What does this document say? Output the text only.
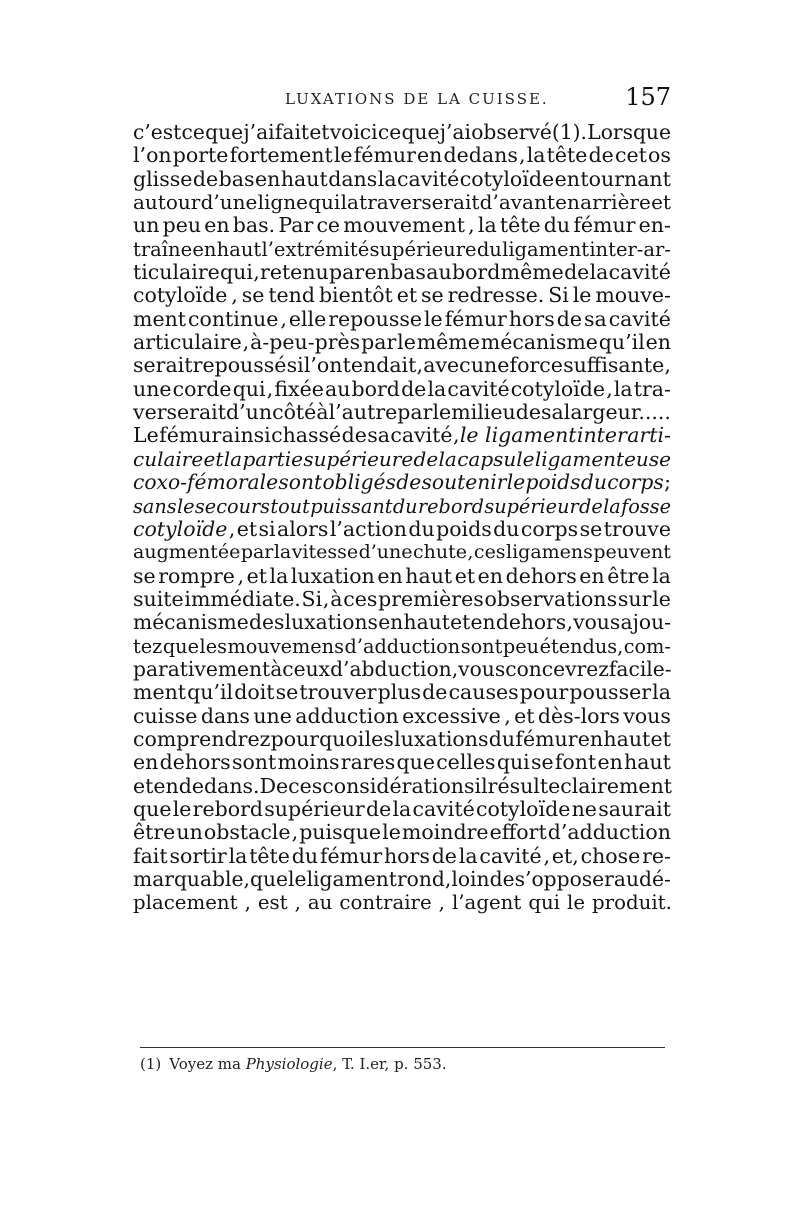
LUXATIONS DE LA CUISSE.	157
c’est ce que j’ai fait et voici ce que j’ai observé(1). Lorsque
l’on porte fortement le fémur en dedans , la tête de cet os
glisse de bas en haut dans la cavité cotyloïde en tournant
autour d’une ligne qui la traverserait d’avant en arrière et
un peu en bas. Par ce mouvement , la tête du fémur en-
traîne en haut l’extrémité supérieure du ligament inter-ar-
ticulaire qui , retenu par en bas au bord même de la cavité
cotyloïde , se tend bientôt et se redresse. Si le mouve-
ment continue , elle repousse le fémur hors de sa cavité
articulaire , à-peu-près par le même mécanisme qu’il en
serait repoussé si l’on tendait , avec une force suffisante ,
une corde qui , fixée au bord de la cavité cotyloïde , la tra-
verserait d’un côté à l’autre par le milieu de sa largeur.....
Le fémur ainsi chassé de sa cavité , le ligament inter arti-
culaire et la partie supérieure de la capsule ligamenteuse
coxo-fémorale sont obligés de soutenir le poids du corps ;
sans le secours tout puissant du rebord supérieur de la fosse
cotyloïde , et si alors l’action du poids du corps se trouve
augmentée par la vitesse d’une chute , ces ligamens peuvent
se rompre , et la luxation en haut et en dehors en être la
suite immédiate. Si , à ces premières observations sur le
mécanisme des luxations en haut et en dehors , vous ajou-
tez que les mouvemens d’adduction sont peu étendus, com-
parativement à ceux d’abduction , vous concevrez facile-
ment qu’il doit se trouver plus de causes pour pousser la
cuisse dans une adduction excessive , et dès-lors vous
comprendrez pourquoi les luxations du fémur en haut et
en dehors sont moins rares que celles qui se font en haut
et en dedans. De ces considérations il résulte clairement
que le rebord supérieur de la cavité cotyloïde ne saurait
être un obstacle , puisque le moindre effort d’adduction
fait sortir la tête du fémur hors de la cavité , et, chose re-
marquable , que le ligament rond , loin de s’opposer au dé-
placement , est , au contraire , l’agent qui le produit.
(1) Voyez ma Physiologie, T. I.er, p. 553.
